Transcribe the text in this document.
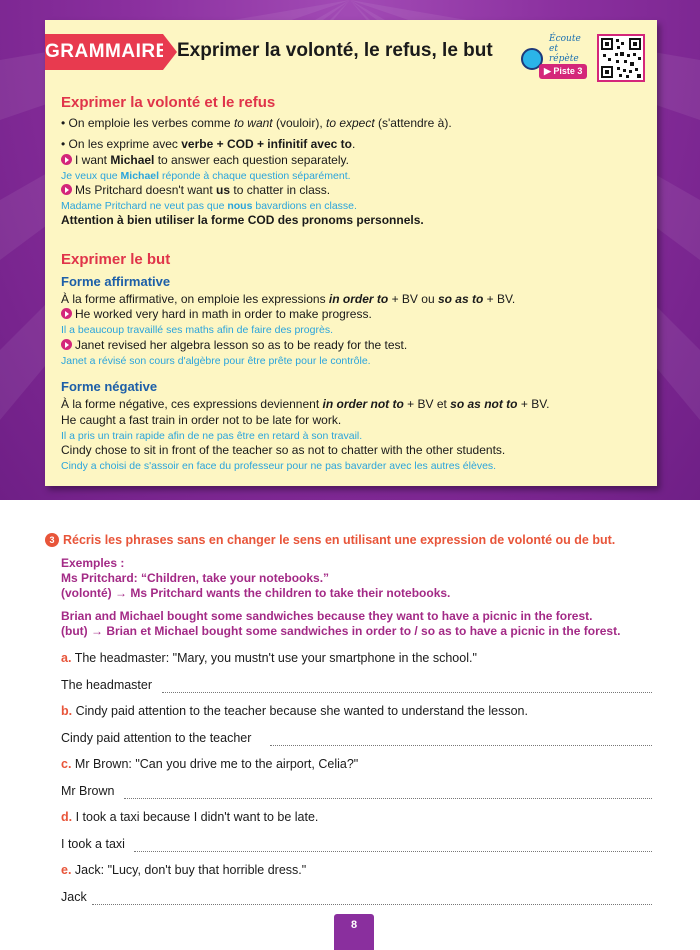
GRAMMAIRE Exprimer la volonté, le refus, le but
Écoute et répète
▶ Piste 3
Exprimer la volonté et le refus
• On emploie les verbes comme to want (vouloir), to expect (s'attendre à).
• On les exprime avec verbe + COD + infinitif avec to.
I want Michael to answer each question separately.
Je veux que Michael réponde à chaque question séparément.
Ms Pritchard doesn't want us to chatter in class.
Madame Pritchard ne veut pas que nous bavardions en classe.
Attention à bien utiliser la forme COD des pronoms personnels.
Exprimer le but
Forme affirmative
À la forme affirmative, on emploie les expressions in order to + BV ou so as to + BV.
He worked very hard in math in order to make progress.
Il a beaucoup travaillé ses maths afin de faire des progrès.
Janet revised her algebra lesson so as to be ready for the test.
Janet a révisé son cours d'algèbre pour être prête pour le contrôle.
Forme négative
À la forme négative, ces expressions deviennent in order not to + BV et so as not to + BV.
He caught a fast train in order not to be late for work.
Il a pris un train rapide afin de ne pas être en retard à son travail.
Cindy chose to sit in front of the teacher so as not to chatter with the other students.
Cindy a choisi de s'assoir en face du professeur pour ne pas bavarder avec les autres élèves.
3 Récris les phrases sans en changer le sens en utilisant une expression de volonté ou de but.
Exemples :
Ms Pritchard: “Children, take your notebooks.”
(volonté) → Ms Pritchard wants the children to take their notebooks.
Brian and Michael bought some sandwiches because they want to have a picnic in the forest.
(but) → Brian et Michael bought some sandwiches in order to / so as to have a picnic in the forest.
a. The headmaster: "Mary, you mustn't use your smartphone in the school."
The headmaster
b. Cindy paid attention to the teacher because she wanted to understand the lesson.
Cindy paid attention to the teacher
c. Mr Brown: "Can you drive me to the airport, Celia?"
Mr Brown
d. I took a taxi because I didn't want to be late.
I took a taxi
e. Jack: "Lucy, don't buy that horrible dress."
Jack
8
